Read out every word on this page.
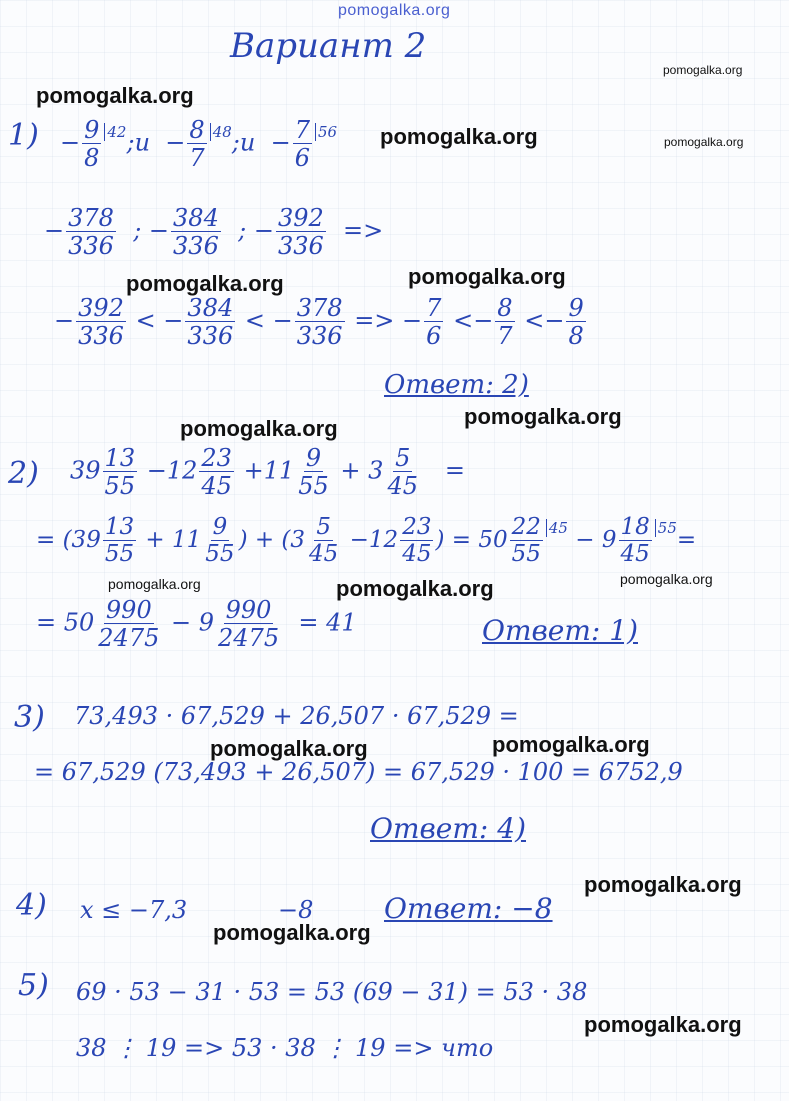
pomogalka.org
pomogalka.org
pomogalka.org
pomogalka.org	pomogalka.org
pomogalka.org
pomogalka.org
pomogalka.org
pomogalka.org
pomogalka.org	pomogalka.org	pomogalka.org
pomogalka.org
pomogalka.org
pomogalka.org
pomogalka.org
pomogalka.org
Вариант 2
$1) - \frac{9}{8}$ $^{42}$;и − $\frac{8}{7}$ $^{48}$;и − $\frac{7}{6} ^{56}$
− $\frac{378}{336}$ ; − $\frac{384}{336}$ ; − $\frac{392}{336}$ =>
− $\frac{392}{336}$ < − $\frac{384}{336}$ < − $\frac{378}{336}$ => − $\frac{7}{6} <- \frac{8}{7} <- \frac{9}{8}$
Ответ: 2)
2) $39 \frac{13}{55} -12 \frac{23}{45} +11 \frac{9}{55} + 3 \frac{5}{45}$ =
= ($39 \frac{13}{55} + 11 \frac{9}{55}$ ) + ($3 \frac{5}{45} -12 \frac{23}{45}$ ) = $50 \frac{22}{55} ^{45} - 9 \frac{18}{45} ^{55}=$
= $50 \frac{990}{2475} - 9 \frac{990}{2475} = 41$	Ответ: 1)
3) 73,493 · 67,529 + 26,507 · 67,529 =
= 67,529 (73,493 + 26,507) = 67,529 · 100 = 6752,9
Ответ: 4)
4) x ≤ −7,3	−8	Ответ: −8
5) 69 · 53 − 31 · 53 = 53 (69 − 31) = 53 · 38
38 ⋮ 19 => 53 · 38 ⋮ 19 => что
